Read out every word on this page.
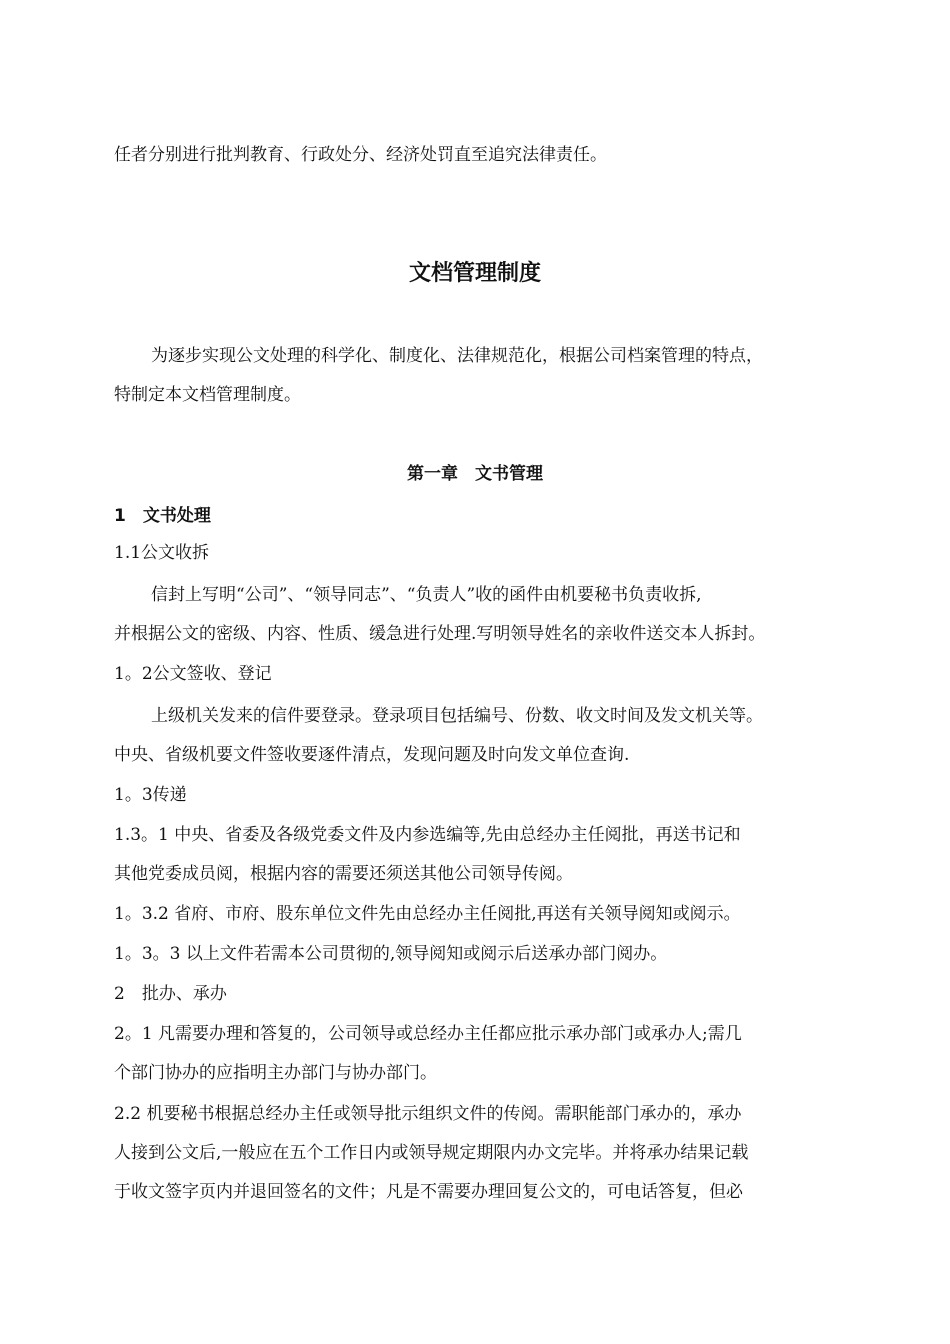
任者分别进行批判教育、行政处分、经济处罚直至追究法律责任。
文档管理制度
为逐步实现公文处理的科学化、制度化、法律规范化，根据公司档案管理的特点，
特制定本文档管理制度。
第一章　文书管理
1　文书处理
1.1公文收拆
信封上写明“公司”、“领导同志”、“负责人”收的函件由机要秘书负责收拆,
并根据公文的密级、内容、性质、缓急进行处理.写明领导姓名的亲收件送交本人拆封。
1。2公文签收、登记
上级机关发来的信件要登录。登录项目包括编号、份数、收文时间及发文机关等。
中央、省级机要文件签收要逐件清点，发现问题及时向发文单位查询.
1。3传递
1.3。1 中央、省委及各级党委文件及内参选编等,先由总经办主任阅批，再送书记和
其他党委成员阅，根据内容的需要还须送其他公司领导传阅。
1。3.2 省府、市府、股东单位文件先由总经办主任阅批,再送有关领导阅知或阅示。
1。3。3 以上文件若需本公司贯彻的,领导阅知或阅示后送承办部门阅办。
2　批办、承办
2。1 凡需要办理和答复的，公司领导或总经办主任都应批示承办部门或承办人;需几
个部门协办的应指明主办部门与协办部门。
2.2 机要秘书根据总经办主任或领导批示组织文件的传阅。需职能部门承办的，承办
人接到公文后,一般应在五个工作日内或领导规定期限内办文完毕。并将承办结果记载
于收文签字页内并退回签名的文件；凡是不需要办理回复公文的，可电话答复，但必
